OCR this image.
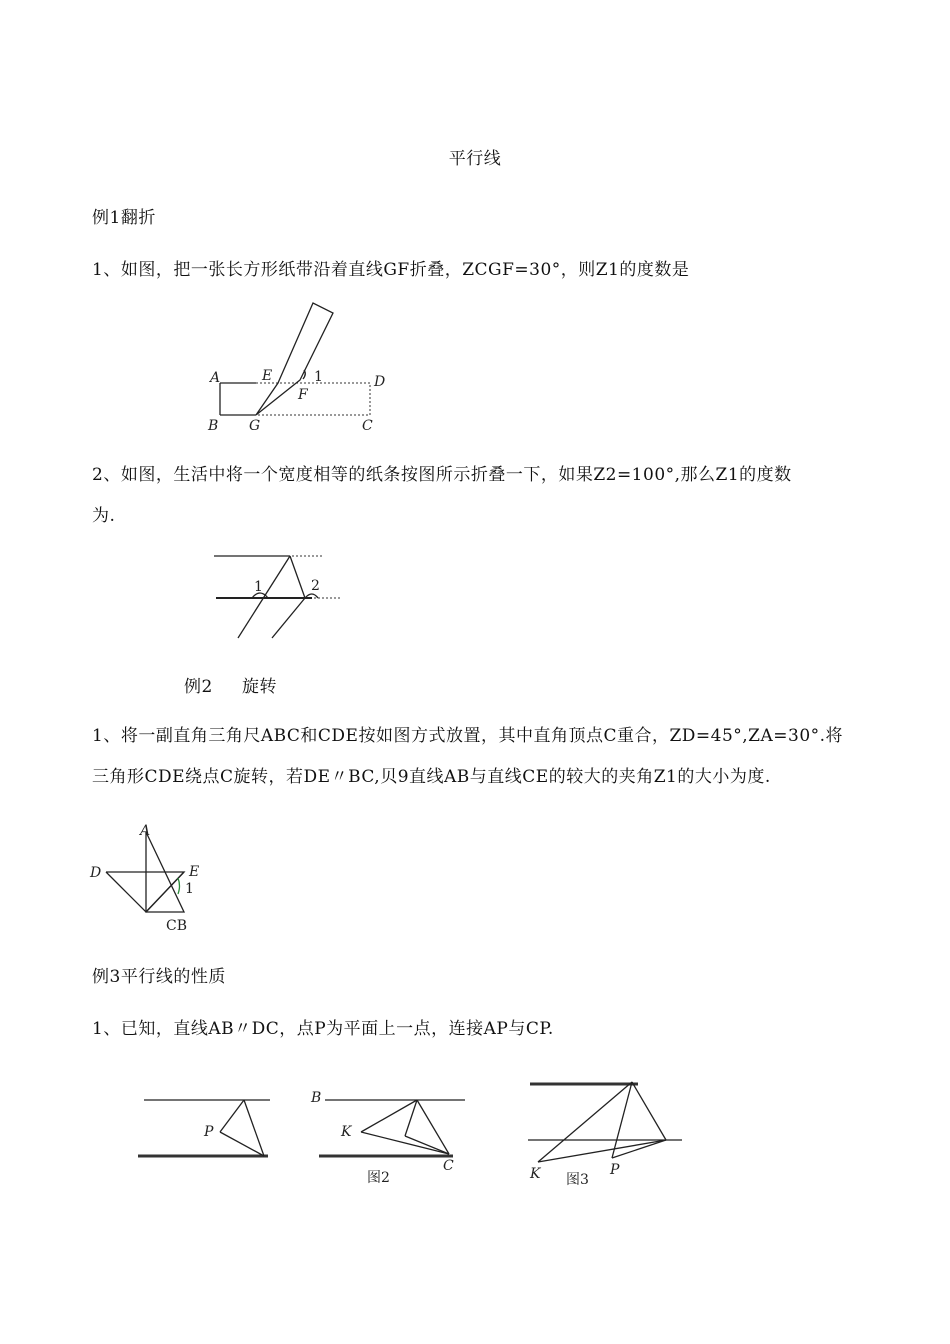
平行线
例1翻折
1、如图，把一张长方形纸带沿着直线GF折叠，ZCGF=30°，则Z1的度数是
A	E	1	D
F
B G	C
2、如图，生活中将一个宽度相等的纸条按图所示折叠一下，如果Z2=100°,那么Z1的度数
为.
1	2
例2 旋转
1、将一副直角三角尺ABC和CDE按如图方式放置，其中直角顶点C重合，ZD=45°,ZA=30°.将
三角形CDE绕点C旋转，若DE〃BC,贝9直线AB与直线CE的较大的夹角Z1的大小为度.
A
D	E
1
CB
例3平行线的性质
1、已知，直线AB〃DC，点P为平面上一点，连接AP与CP.
P
B
K
C
图2	K	P
图3
